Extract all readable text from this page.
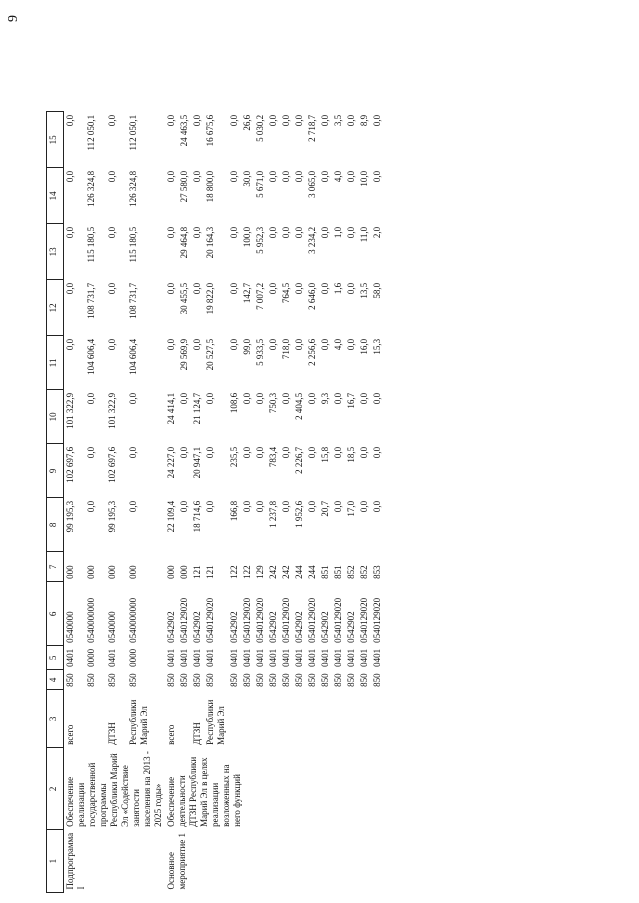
9
1	2	3	4	5	6	7	8	9	10	11	12	13	14	15
Подпрограмма I	Обеспечение реализации государственной программы Республики Марий Эл «Содействие занятости населения на 2013 - 2025 годы»	всего	850	0401	0540000	000	99 195,3	102 697,6	101 322,9	0,0	0,0	0,0	0,0	0,0
			850	0000	0540000000	000	0,0	0,0	0,0	104 606,4	108 731,7	115 180,5	126 324,8	112 050,1
		ДТЗН	850	0401	0540000	000	99 195,3	102 697,6	101 322,9	0,0	0,0	0,0	0,0	0,0
		Республики Марий Эл	850	0000	0540000000	000	0,0	0,0	0,0	104 606,4	108 731,7	115 180,5	126 324,8	112 050,1
Основное мероприятие 1	Обеспечение деятельности ДТЗН Республики Марий Эл в целях реализации возложенных на него функций	всего	850	0401	0542902	000	22 109,4	24 227,0	24 414,1	0,0	0,0	0,0	0,0	0,0
			850	0401	0540129020	000	0,0	0,0	0,0	29 569,9	30 455,5	29 464,8	27 580,0	24 463,5
		ДТЗН	850	0401	0542902	121	18 714,6	20 947,1	21 124,7	0,0	0,0	0,0	0,0	0,0
		Республики Марий Эл	850	0401	0540129020	121	0,0	0,0	0,0	20 527,5	19 822,0	20 164,3	18 800,0	16 675,6
			850	0401	0542902	122	166,8	235,5	108,6	0,0	0,0	0,0	0,0	0,0
			850	0401	0540129020	122	0,0	0,0	0,0	99,0	142,7	100,0	30,0	26,6
			850	0401	0540129020	129	0,0	0,0	0,0	5 933,5	7 007,2	5 952,3	5 671,0	5 030,2
			850	0401	0542902	242	1 237,8	783,4	750,3	0,0	0,0	0,0	0,0	0,0
			850	0401	0540129020	242	0,0	0,0	0,0	718,0	764,5	0,0	0,0	0,0
			850	0401	0542902	244	1 952,6	2 226,7	2 404,5	0,0	0,0	0,0	0,0	0,0
			850	0401	0540129020	244	0,0	0,0	0,0	2 256,6	2 646,0	3 234,2	3 065,0	2 718,7
			850	0401	0542902	851	20,7	15,8	9,3	0,0	0,0	0,0	0,0	0,0
			850	0401	0540129020	851	0,0	0,0	0,0	4,0	1,6	1,0	4,0	3,5
			850	0401	0542902	852	17,0	18,5	16,7	0,0	0,0	0,0	0,0	0,0
			850	0401	0540129020	852	0,0	0,0	0,0	16,0	13,5	11,0	10,0	8,9
			850	0401	0540129020	853	0,0	0,0	0,0	15,3	58,0	2,0	0,0	0,0
